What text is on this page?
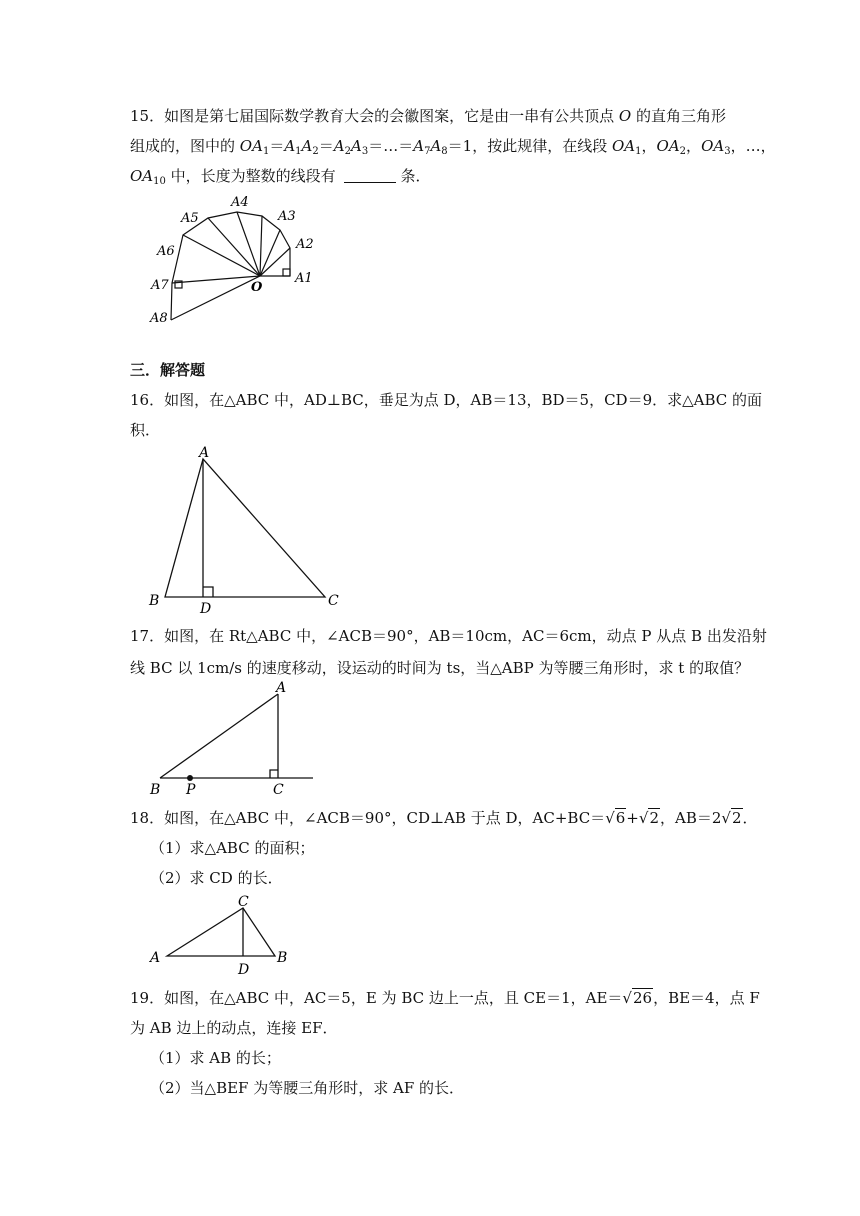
15．如图是第七届国际数学教育大会的会徽图案，它是由一串有公共顶点 O 的直角三角形
组成的，图中的 $OA_1=A_1A_2=A_2A_3=\dots=A_7A_8=1$，按此规律，在线段 $OA_1$，$OA_2$，$OA_3$，…，
$OA_{10}$ 中，长度为整数的线段有	条．
A1
A2
A3
A4
A5
A6
A7
A8
O
三．解答题
16．如图，在△ABC 中，AD⊥BC，垂足为点 D，AB＝13，BD＝5，CD＝9．求△ABC 的面
积．
A
B	C
D
17．如图，在 Rt△ABC 中，∠ACB＝90°，AB＝10cm，AC＝6cm，动点 P 从点 B 出发沿射
线 BC 以 1cm/s 的速度移动，设运动的时间为 ts，当△ABP 为等腰三角形时，求 t 的取值？
A
B	C
P
18．如图，在△ABC 中，∠ACB＝90°，CD⊥AB 于点 D，AC+BC＝√6+√2，AB＝2√2．
（1）求△ABC 的面积；
（2）求 CD 的长．
C
A	B
D
19．如图，在△ABC 中，AC＝5，E 为 BC 边上一点，且 CE＝1，AE＝√26，BE＝4，点 F
为 AB 边上的动点，连接 EF．
（1）求 AB 的长；
（2）当△BEF 为等腰三角形时，求 AF 的长．
